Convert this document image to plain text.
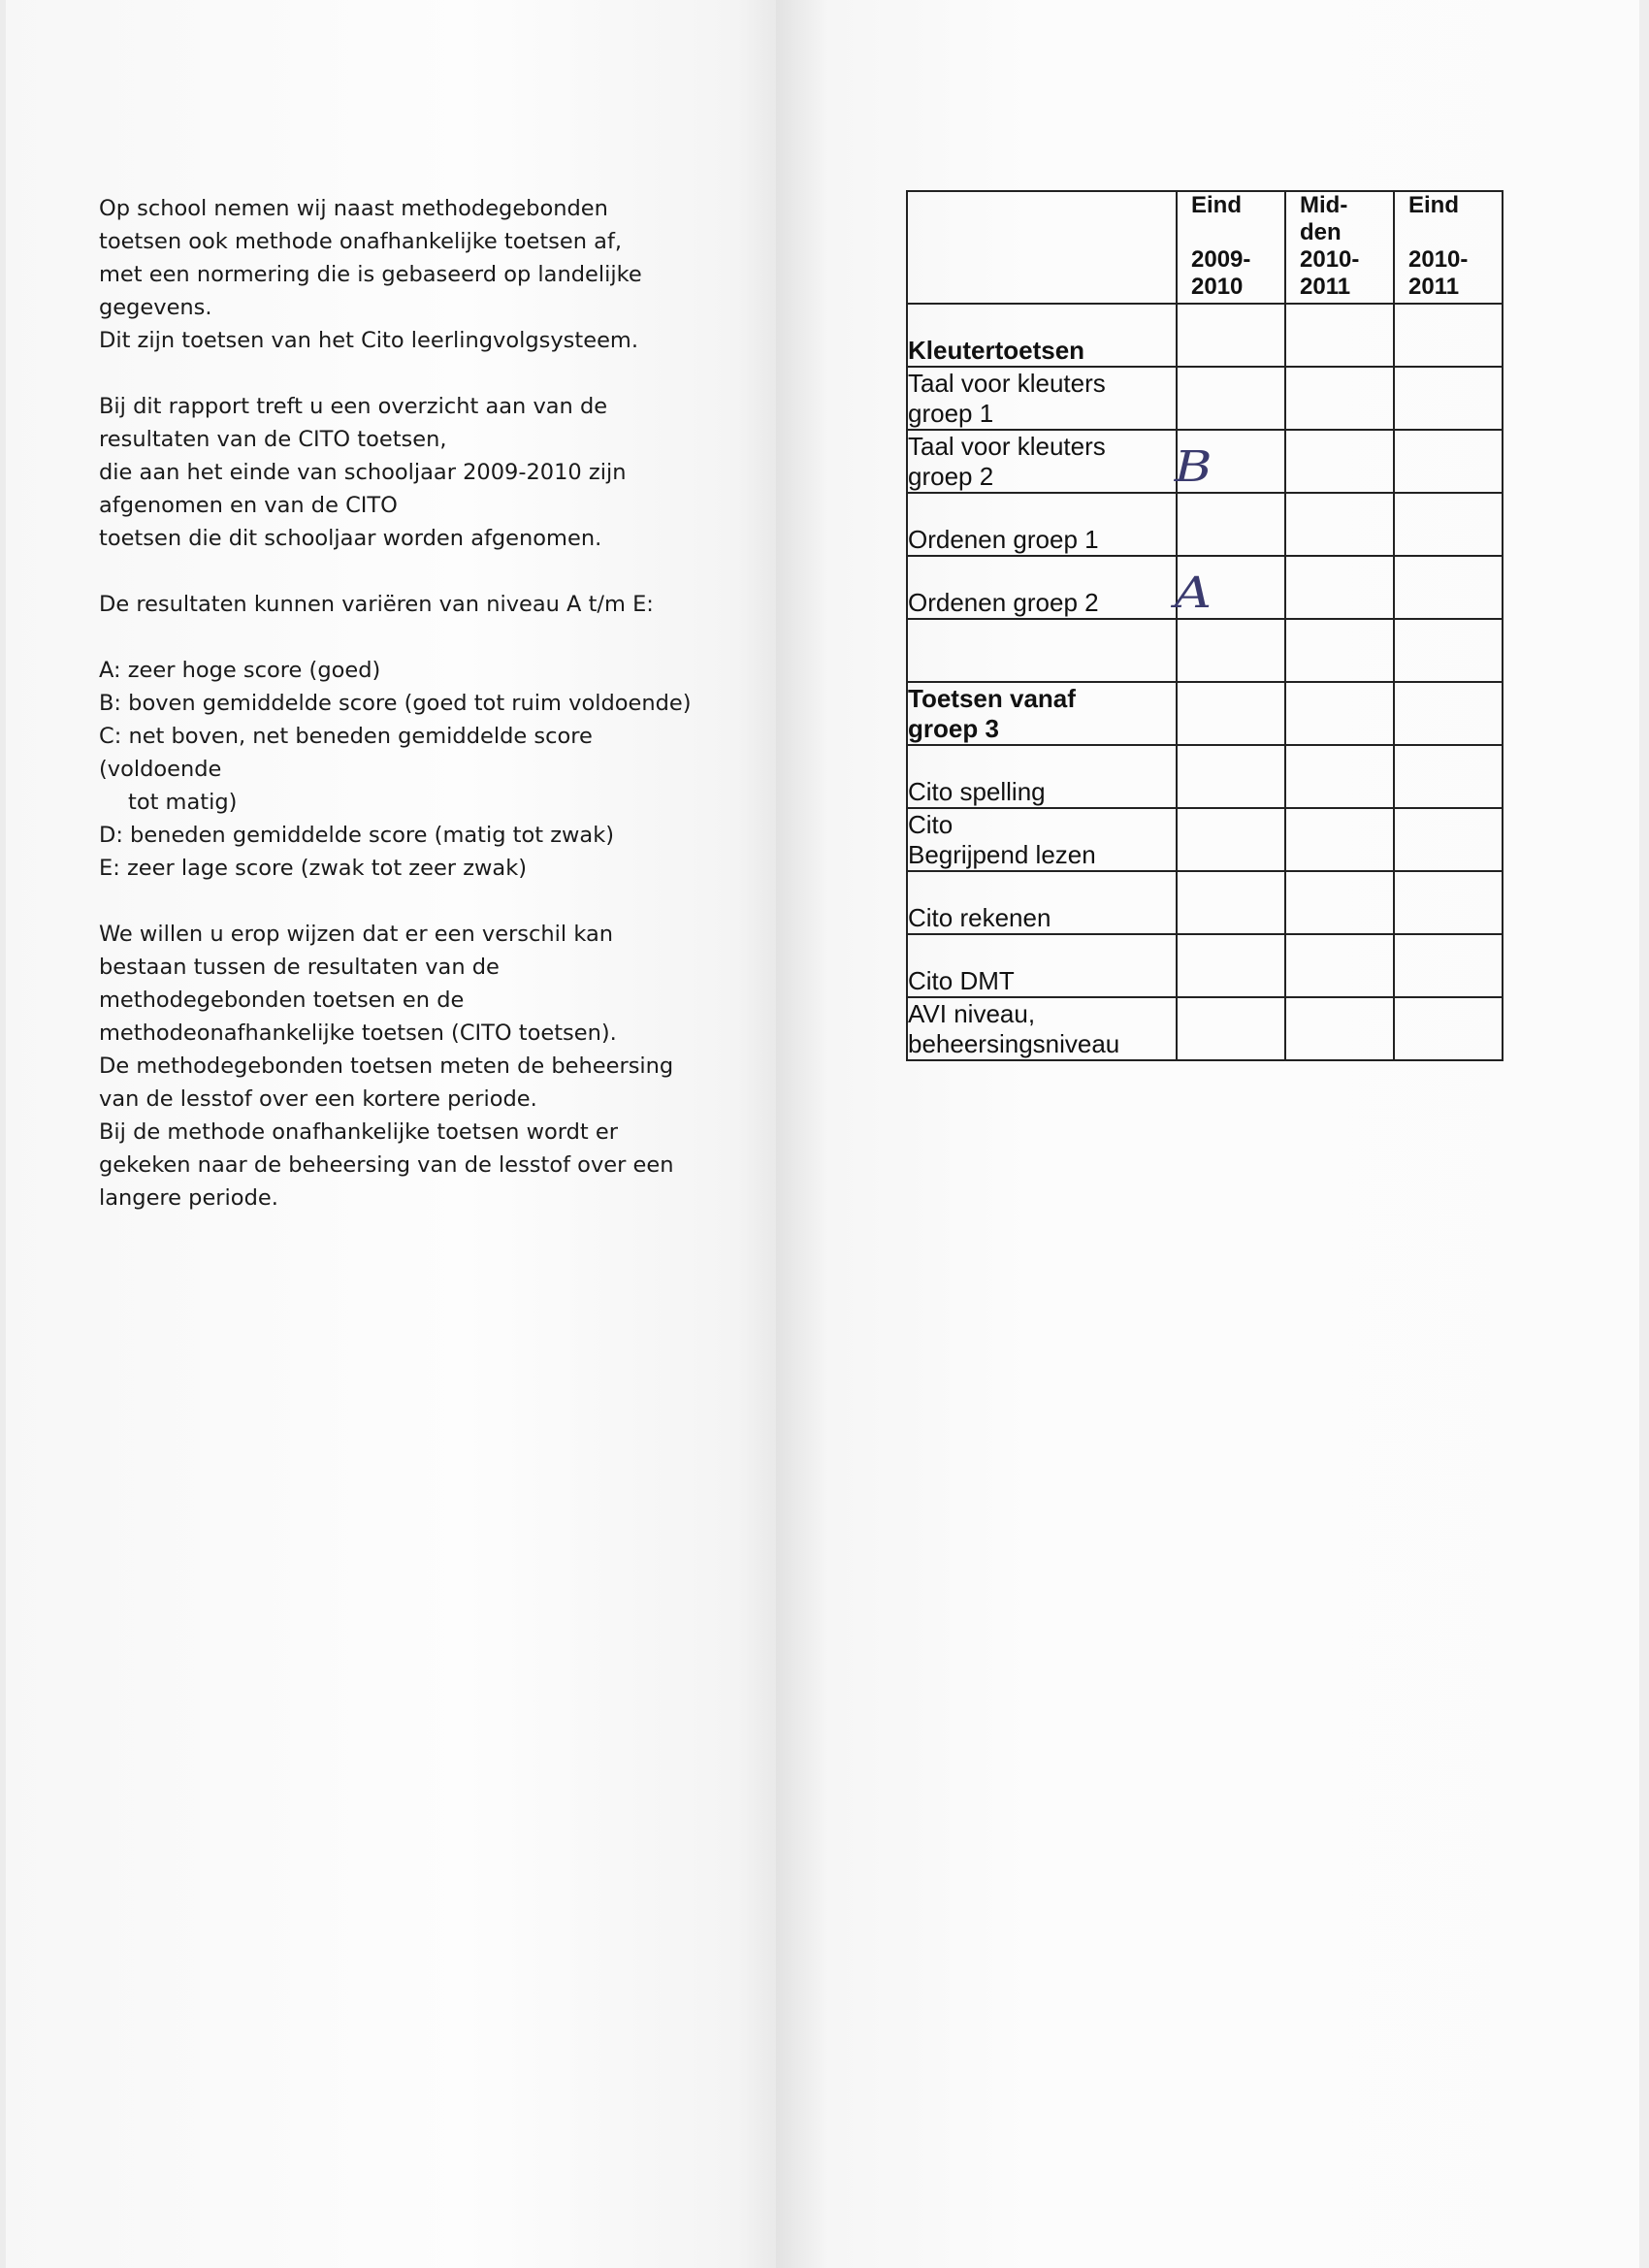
Op school nemen wij naast methodegebonden
toetsen ook methode onafhankelijke toetsen af,
met een normering die is gebaseerd op landelijke
gegevens.
Dit zijn toetsen van het Cito leerlingvolgsysteem.

Bij dit rapport treft u een overzicht aan van de
resultaten van de CITO toetsen,
die aan het einde van schooljaar 2009-2010 zijn
afgenomen en van de CITO
toetsen die dit schooljaar worden afgenomen.

De resultaten kunnen variëren van niveau A t/m E:

A: zeer hoge score (goed)
B: boven gemiddelde score (goed tot ruim voldoende)
C: net boven, net beneden gemiddelde score
(voldoende
tot matig)
D: beneden gemiddelde score (matig tot zwak)
E: zeer lage score (zwak tot zeer zwak)

We willen u erop wijzen dat er een verschil kan
bestaan tussen de resultaten van de
methodegebonden toetsen en de
methodeonafhankelijke toetsen (CITO toetsen).
De methodegebonden toetsen meten de beheersing
van de lesstof over een kortere periode.
Bij de methode onafhankelijke toetsen wordt er
gekeken naar de beheersing van de lesstof over een
langere periode.

	Eind

2009-
2010	Mid-
den
2010-
2011	Eind

2010-
2011

Kleutertoetsen			

Taal voor kleuters
groep 1			

Taal voor kleuters
groep 2	B		

Ordenen groep 1			

Ordenen groep 2	A		

Toetsen vanaf
groep 3			

Cito spelling			

Cito
Begrijpend lezen			

Cito rekenen			

Cito DMT			

AVI niveau,
beheersingsniveau			
